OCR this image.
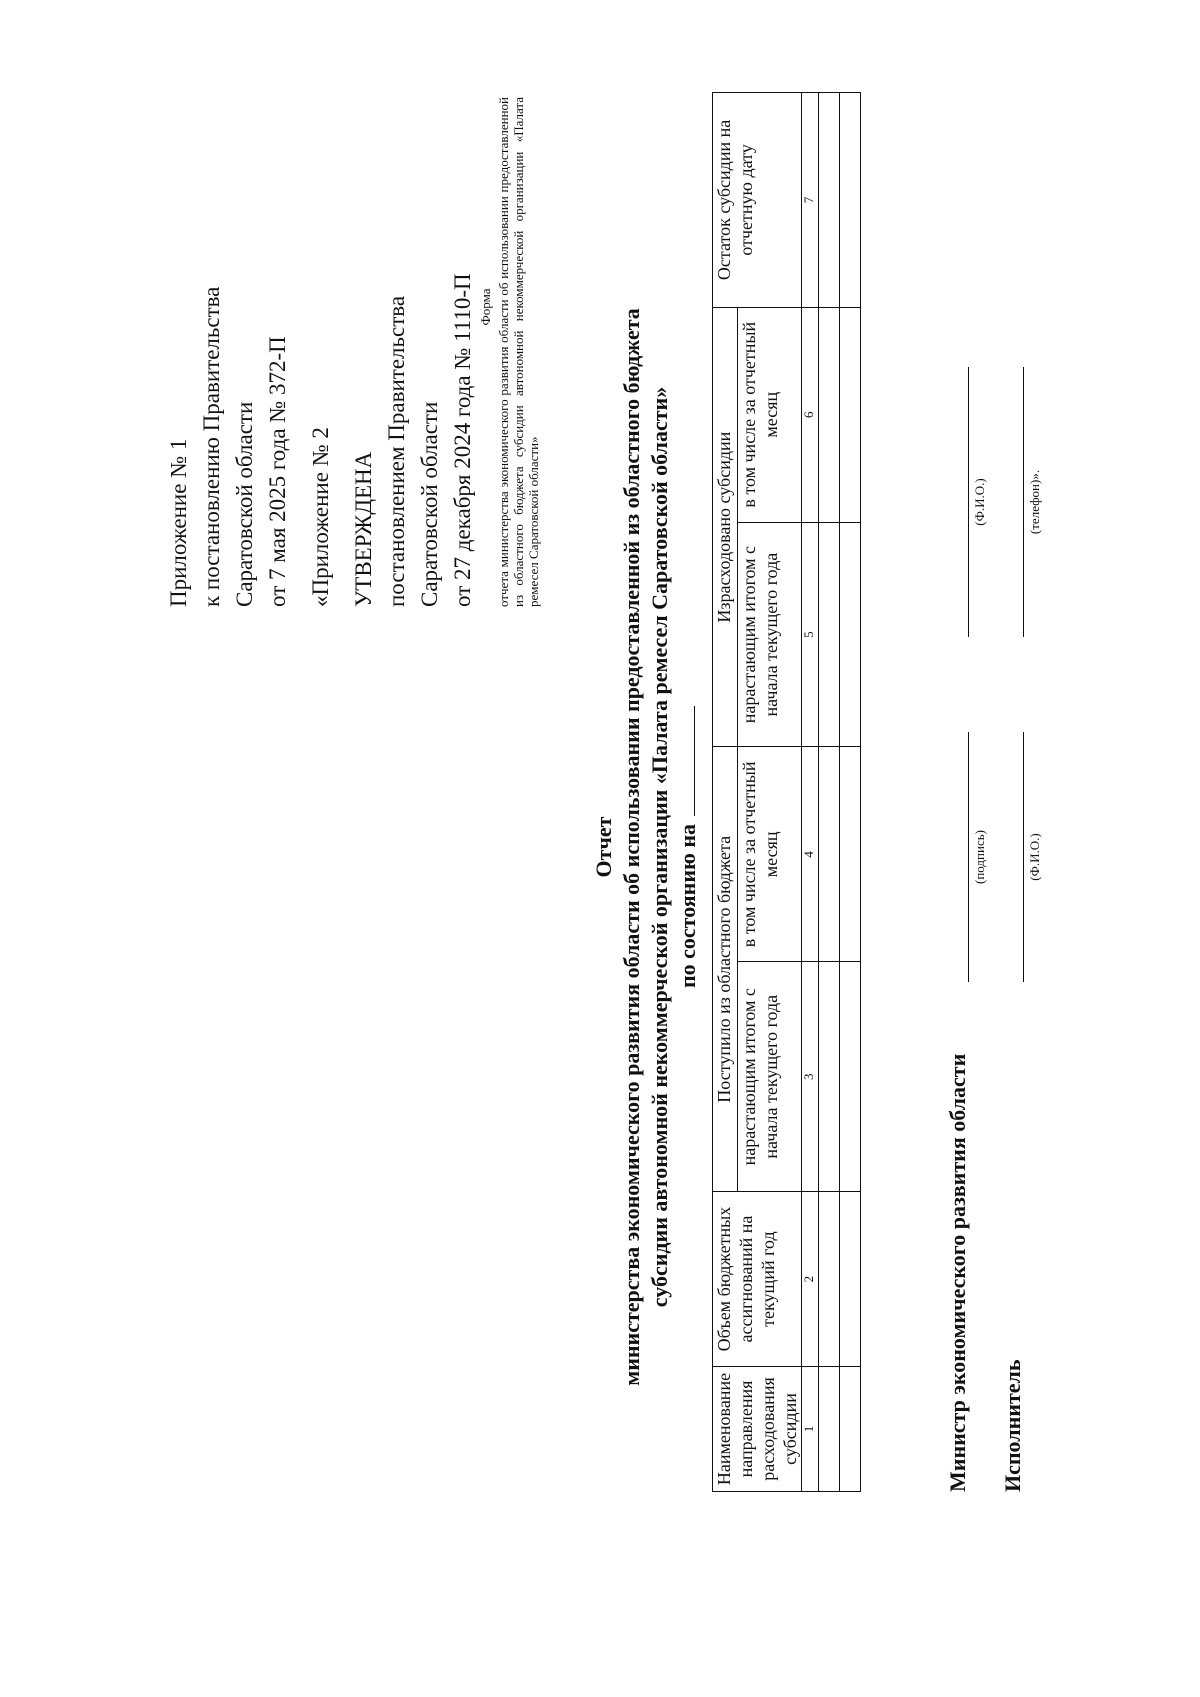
Приложение № 1 к постановлению Правительства Саратовской области от 7 мая 2025 года № 372-П «Приложение № 2 УТВЕРЖДЕНА постановлением Правительства Саратовской области от 27 декабря 2024 года № 1110-П Форма отчета министерства экономического развития области об использовании предоставленной из областного бюджета субсидии автономной некоммерческой организации «Палата ремесел Саратовской области»
Отчет министерства экономического развития области об использовании предоставленной из областного бюджета субсидии автономной некоммерческой организации «Палата ремесел Саратовской области» по состоянию на
Наименование направления расходования субсидии	Объем бюджетных ассигнований на текущий год	Поступило из областного бюджета		Израсходовано субсидии		Остаток субсидии на отчетную дату
		нарастающим итогом с начала текущего года	в том числе за отчетный месяц	нарастающим итогом с начала текущего года	в том числе за отчетный месяц	
1	2	3	4	5	6	7

Министр экономического развития области
(подпись)
(Ф.И.О.)
Исполнитель
(Ф.И.О.)
(телефон)».
